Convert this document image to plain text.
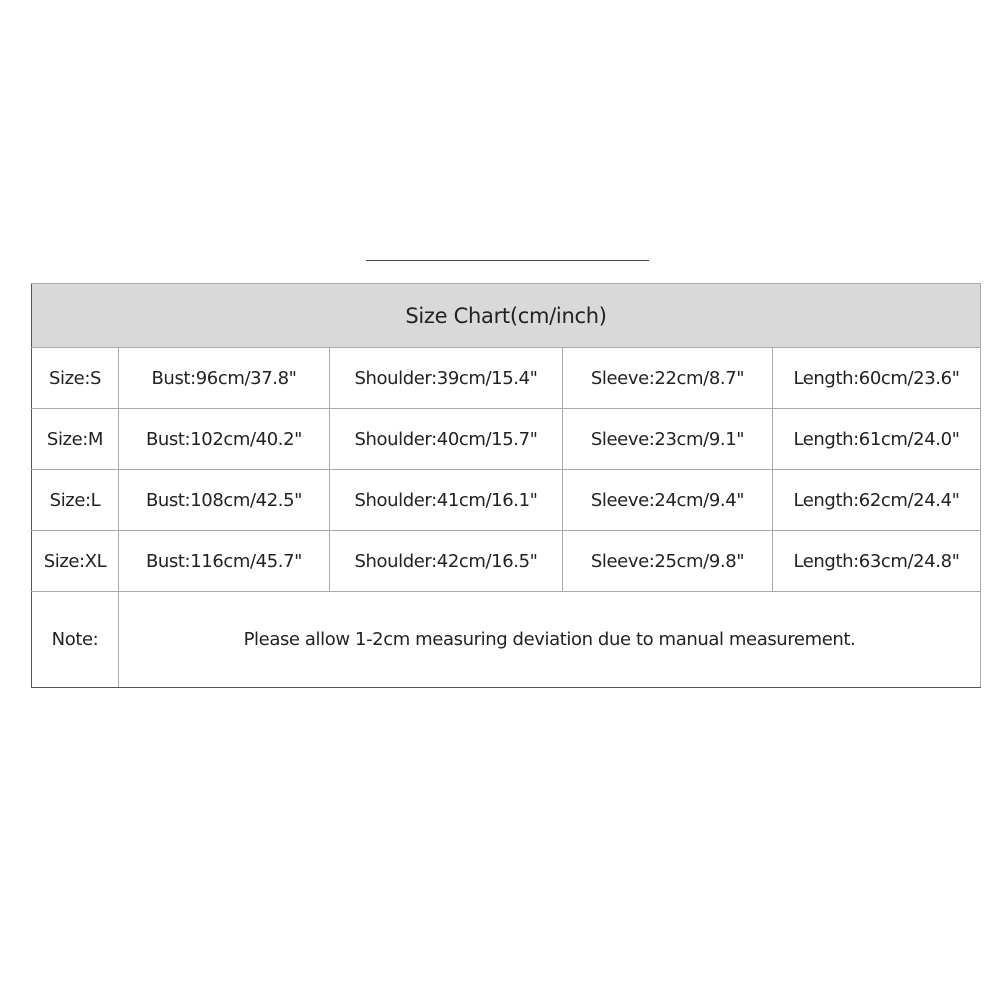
Size Chart(cm/inch)				
Size:S	Bust:96cm/37.8"	Shoulder:39cm/15.4"	Sleeve:22cm/8.7"	Length:60cm/23.6"
Size:M	Bust:102cm/40.2"	Shoulder:40cm/15.7"	Sleeve:23cm/9.1"	Length:61cm/24.0"
Size:L	Bust:108cm/42.5"	Shoulder:41cm/16.1"	Sleeve:24cm/9.4"	Length:62cm/24.4"
Size:XL	Bust:116cm/45.7"	Shoulder:42cm/16.5"	Sleeve:25cm/9.8"	Length:63cm/24.8"
Note:	Please allow 1-2cm measuring deviation due to manual measurement.			
